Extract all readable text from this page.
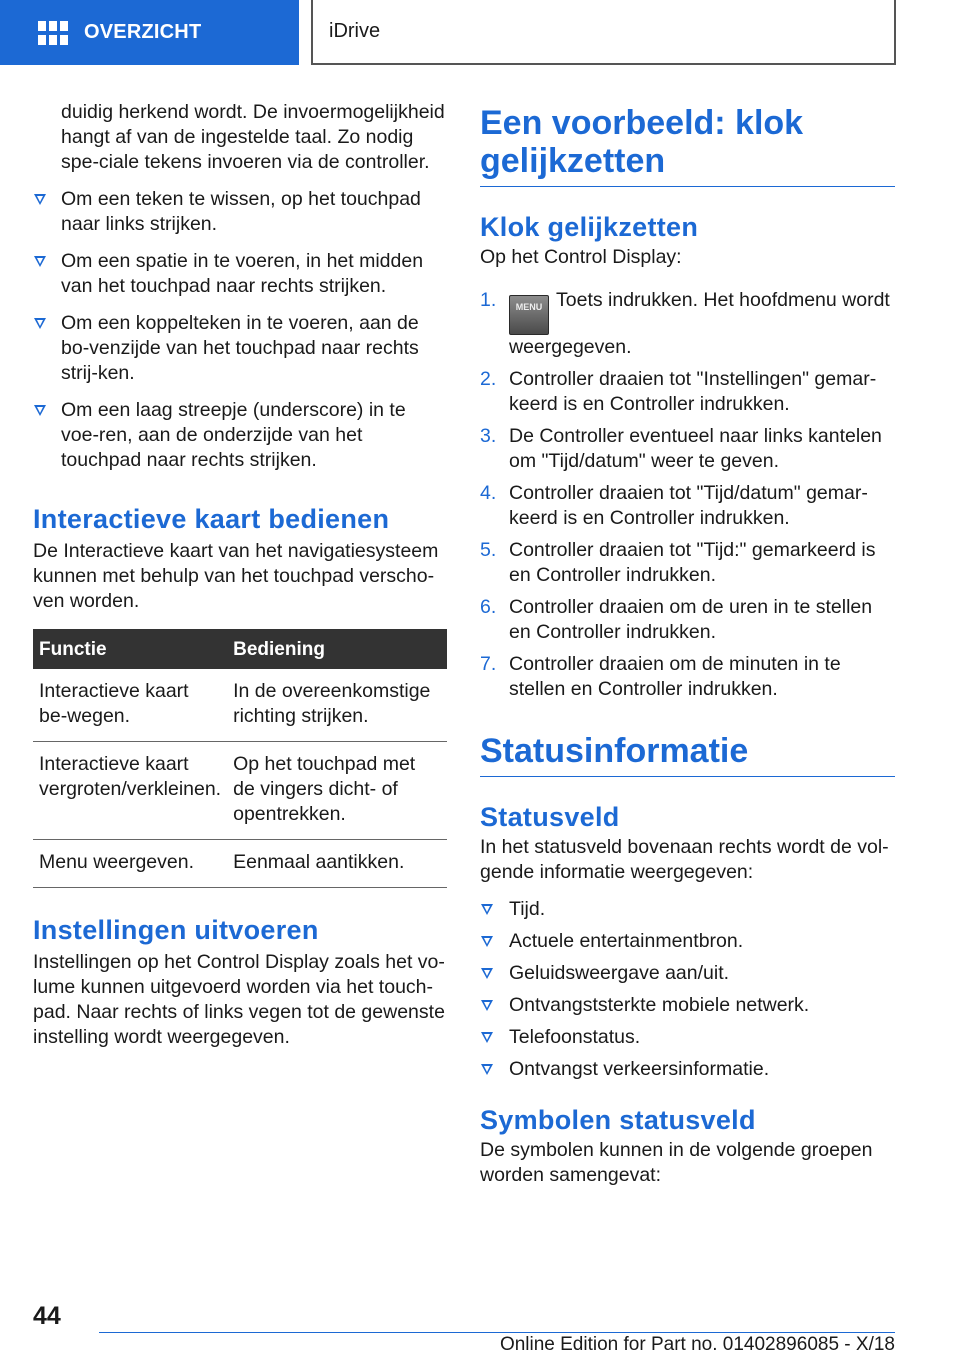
OVERZICHT	iDrive

duidig herkend wordt. De invoermogelijkheid hangt af van de ingestelde taal. Zo nodig spe-ciale tekens invoeren via de controller.

Om een teken te wissen, op het touchpad naar links strijken.
Om een spatie in te voeren, in het midden van het touchpad naar rechts strijken.
Om een koppelteken in te voeren, aan de bo-venzijde van het touchpad naar rechts strij-ken.
Om een laag streepje (underscore) in te voe-ren, aan de onderzijde van het touchpad naar rechts strijken.
Interactieve kaart bedienen

De Interactieve kaart van het navigatiesysteem kunnen met behulp van het touchpad verscho-ven worden.

Functie	Bediening
Interactieve kaart be-wegen.	In de overeenkomstige richting strijken.
Interactieve kaart vergroten/verkleinen.	Op het touchpad met de vingers dicht- of opentrekken.
Menu weergeven.	Eenmaal aantikken.
Instellingen uitvoeren

Instellingen op het Control Display zoals het vo-lume kunnen uitgevoerd worden via het touch-pad. Naar rechts of links vegen tot de gewenste instelling wordt weergegeven.

Een voorbeeld: klok gelijkzetten
Klok gelijkzetten

Op het Control Display:

1. MENU Toets indrukken. Het hoofdmenu wordt weergegeven.
2. Controller draaien tot "Instellingen" gemar-keerd is en Controller indrukken.
3. De Controller eventueel naar links kantelen om "Tijd/datum" weer te geven.
4. Controller draaien tot "Tijd/datum" gemar-keerd is en Controller indrukken.
5. Controller draaien tot "Tijd:" gemarkeerd is en Controller indrukken.
6. Controller draaien om de uren in te stellen en Controller indrukken.
7. Controller draaien om de minuten in te stellen en Controller indrukken.
Statusinformatie
Statusveld

In het statusveld bovenaan rechts wordt de vol-gende informatie weergegeven:

Tijd.
Actuele entertainmentbron.
Geluidsweergave aan/uit.
Ontvangststerkte mobiele netwerk.
Telefoonstatus.
Ontvangst verkeersinformatie.
Symbolen statusveld

De symbolen kunnen in de volgende groepen worden samengevat:

44
Online Edition for Part no. 01402896085 - X/18
